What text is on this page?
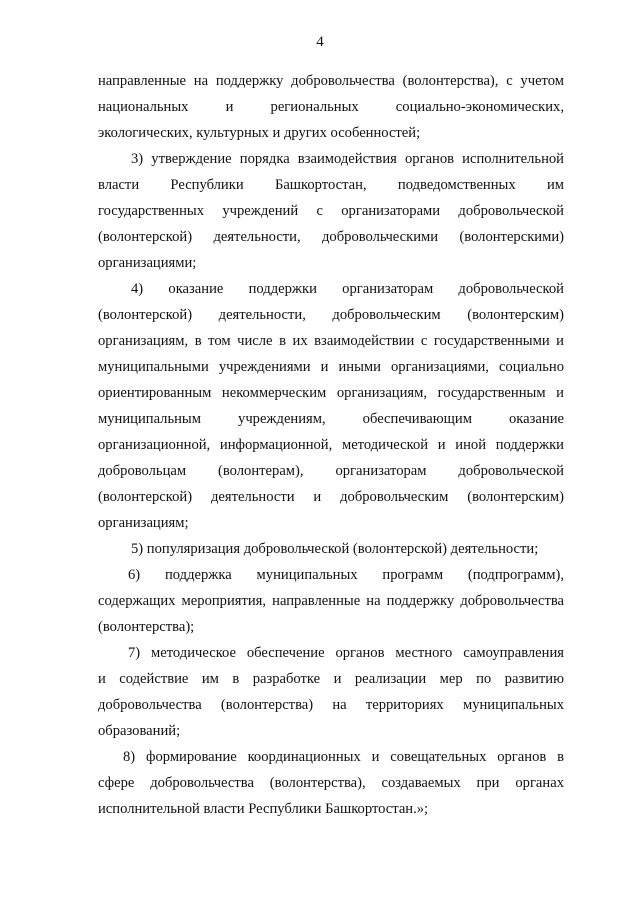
4
направленные на поддержку добровольчества (волонтерства), с учетом
национальных и региональных социально-экономических,
экологических, культурных и других особенностей;
3) утверждение порядка взаимодействия органов исполнительной
власти Республики Башкортостан, подведомственных им
государственных учреждений с организаторами добровольческой
(волонтерской) деятельности, добровольческими (волонтерскими)
организациями;
4) оказание поддержки организаторам добровольческой
(волонтерской) деятельности, добровольческим (волонтерским)
организациям, в том числе в их взаимодействии с государственными и
муниципальными учреждениями и иными организациями, социально
ориентированным некоммерческим организациям, государственным и
муниципальным учреждениям, обеспечивающим оказание
организационной, информационной, методической и иной поддержки
добровольцам (волонтерам), организаторам добровольческой
(волонтерской) деятельности и добровольческим (волонтерским)
организациям;
5) популяризация добровольческой (волонтерской) деятельности;
6) поддержка муниципальных программ (подпрограмм),
содержащих мероприятия, направленные на поддержку добровольчества
(волонтерства);
7) методическое обеспечение органов местного самоуправления
и содействие им в разработке и реализации мер по развитию
добровольчества (волонтерства) на территориях муниципальных
образований;
8) формирование координационных и совещательных органов в
сфере добровольчества (волонтерства), создаваемых при органах
исполнительной власти Республики Башкортостан.»;
